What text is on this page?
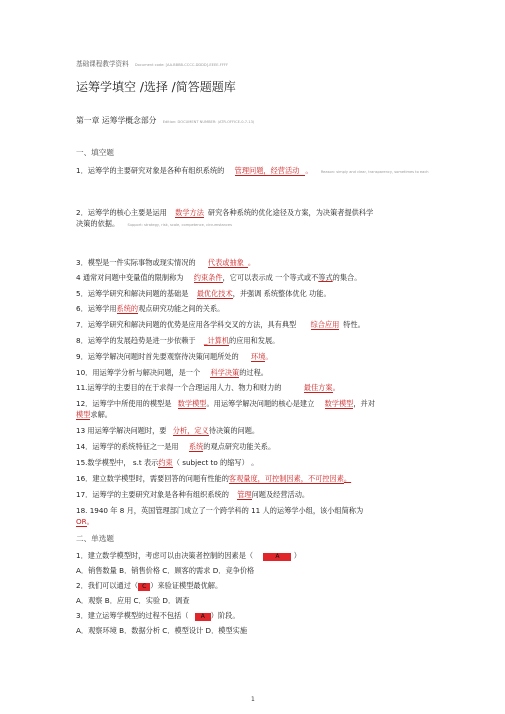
基础课程教学资料 Document code: [AA.BBBB-CCCC-DDDD]-EEEE-FFFF
运筹学填空 /选择 /简答题题库
第一章 运筹学概念部分 Edition: DOCUMENT NUMBER: (ATR-OFFICE-0-7-13)
一、填空题
1．运筹学的主要研究对象是各种有组织系统的 管理问题，经营活动 。 Reason: simply and clear, transparency, sometimes to each
2．运筹学的核心主要是运用 数学方法 研究各种系统的优化途径及方案，为决策者提供科学
决策的依据。 Support: strategy, risk, scale, competence, circumstances
3．模型是一件实际事物或现实情况的 代表或抽象 。
4 通常对问题中变量值的限制称为 约束条件，它可以表示成 一个等式或不等式的集合。
5．运筹学研究和解决问题的基础是 最优化技术，并强调 系统整体优化 功能。
6．运筹学用系统的观点研究功能之间的关系。
7．运筹学研究和解决问题的优势是应用各学科交叉的方法，具有典型 综合应用 特性。
8．运筹学的发展趋势是进一步依赖于 _计算机的应用和发展。
9．运筹学解决问题时首先要观察待决策问题所处的 环境。
10．用运筹学分析与解决问题，是一个 科学决策的过程。
11.运筹学的主要目的在于求得一个合理运用人力、物力和财力的	最佳方案。
12．运筹学中所使用的模型是 数学模型。用运筹学解决问题的核心是建立 数学模型，并对
模型求解。
13 用运筹学解决问题时，要 分析，定义待决策的问题。
14．运筹学的系统特征之一是用 系统的观点研究功能关系。
15.数学模型中， s.t 表示约束（ subject to 的缩写） 。
16．建立数学模型时，需要回答的问题有性能的客观量度，可控制因素，不可控因素。
17．运筹学的主要研究对象是各种有组织系统的 管理问题及经营活动。
18. 1940 年 8 月，英国管理部门成立了一个跨学科的 11 人的运筹学小组，该小组简称为
OR。
二、单选题
1．建立数学模型时，考虑可以由决策者控制的因素是（	A ）
A．销售数量 B．销售价格 C．顾客的需求 D．竞争价格
2．我们可以通过（ C ）来验证模型最优解。
A．观察 B．应用 C．实验 D．调查
3．建立运筹学模型的过程不包括（ A ）阶段。
A．观察环境 B．数据分析 C．模型设计 D．模型实施
1
